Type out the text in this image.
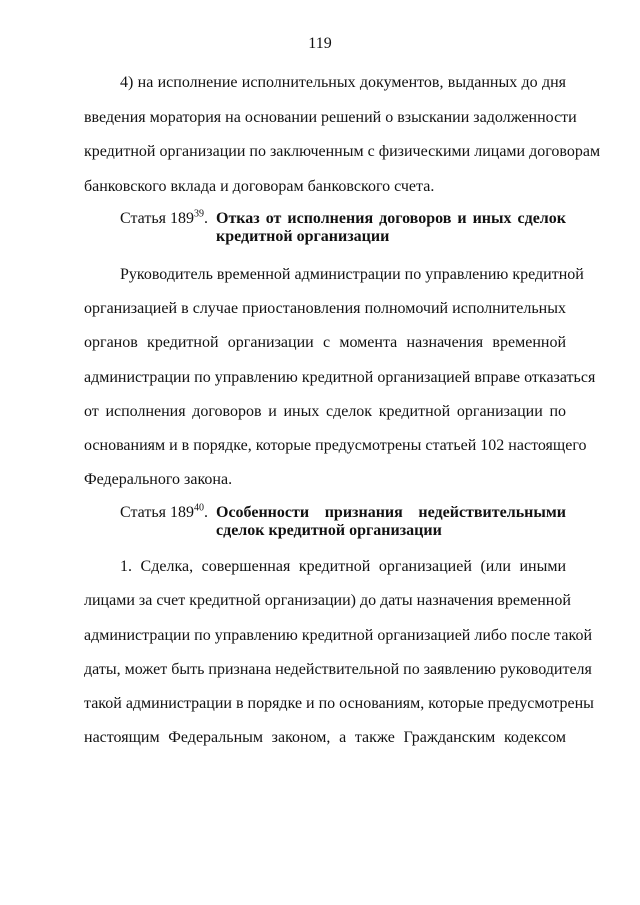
119
4) на исполнение исполнительных документов, выданных до дня
введения моратория на основании решений о взыскании задолженности
кредитной организации по заключенным с физическими лицами договорам
банковского вклада и договорам банковского счета.
Статья $189^{39}$. Отказ от исполнения договоров и иных сделок
кредитной организации
Руководитель временной администрации по управлению кредитной
организацией в случае приостановления полномочий исполнительных
органов кредитной организации с момента назначения временной
администрации по управлению кредитной организацией вправе отказаться
от исполнения договоров и иных сделок кредитной организации по
основаниям и в порядке, которые предусмотрены статьей 102 настоящего
Федерального закона.
Статья $189^{40}$. Особенности признания недействительными
сделок кредитной организации
1. Сделка, совершенная кредитной организацией (или иными
лицами за счет кредитной организации) до даты назначения временной
администрации по управлению кредитной организацией либо после такой
даты, может быть признана недействительной по заявлению руководителя
такой администрации в порядке и по основаниям, которые предусмотрены
настоящим Федеральным законом, а также Гражданским кодексом
